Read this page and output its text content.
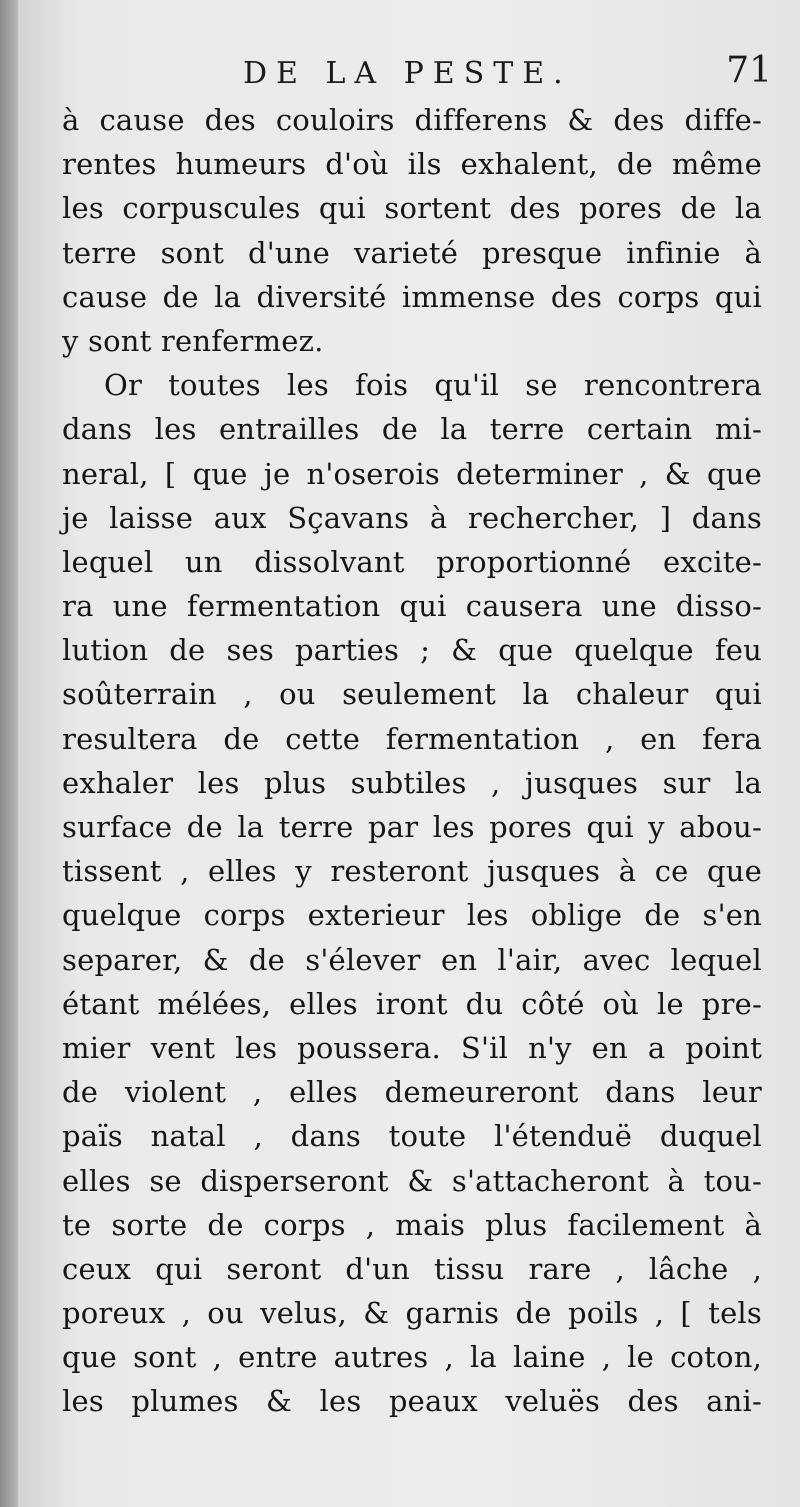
DE LA PESTE.	71
à cause des couloirs differens & des diffe-
rentes humeurs d'où ils exhalent, de même
les corpuscules qui sortent des pores de la
terre sont d'une varieté presque infinie à
cause de la diversité immense des corps qui
y sont renfermez.
Or toutes les fois qu'il se rencontrera
dans les entrailles de la terre certain mi-
neral, [ que je n'oserois determiner , & que
je laisse aux Sçavans à rechercher, ] dans
lequel un dissolvant proportionné excite-
ra une fermentation qui causera une disso-
lution de ses parties ; & que quelque feu
soûterrain , ou seulement la chaleur qui
resultera de cette fermentation , en fera
exhaler les plus subtiles , jusques sur la
surface de la terre par les pores qui y abou-
tissent , elles y resteront jusques à ce que
quelque corps exterieur les oblige de s'en
separer, & de s'élever en l'air, avec lequel
étant mélées, elles iront du côté où le pre-
mier vent les poussera. S'il n'y en a point
de violent , elles demeureront dans leur
païs natal , dans toute l'étenduë duquel
elles se disperseront & s'attacheront à tou-
te sorte de corps , mais plus facilement à
ceux qui seront d'un tissu rare , lâche ,
poreux , ou velus, & garnis de poils , [ tels
que sont , entre autres , la laine , le coton,
les plumes & les peaux veluës des ani-
